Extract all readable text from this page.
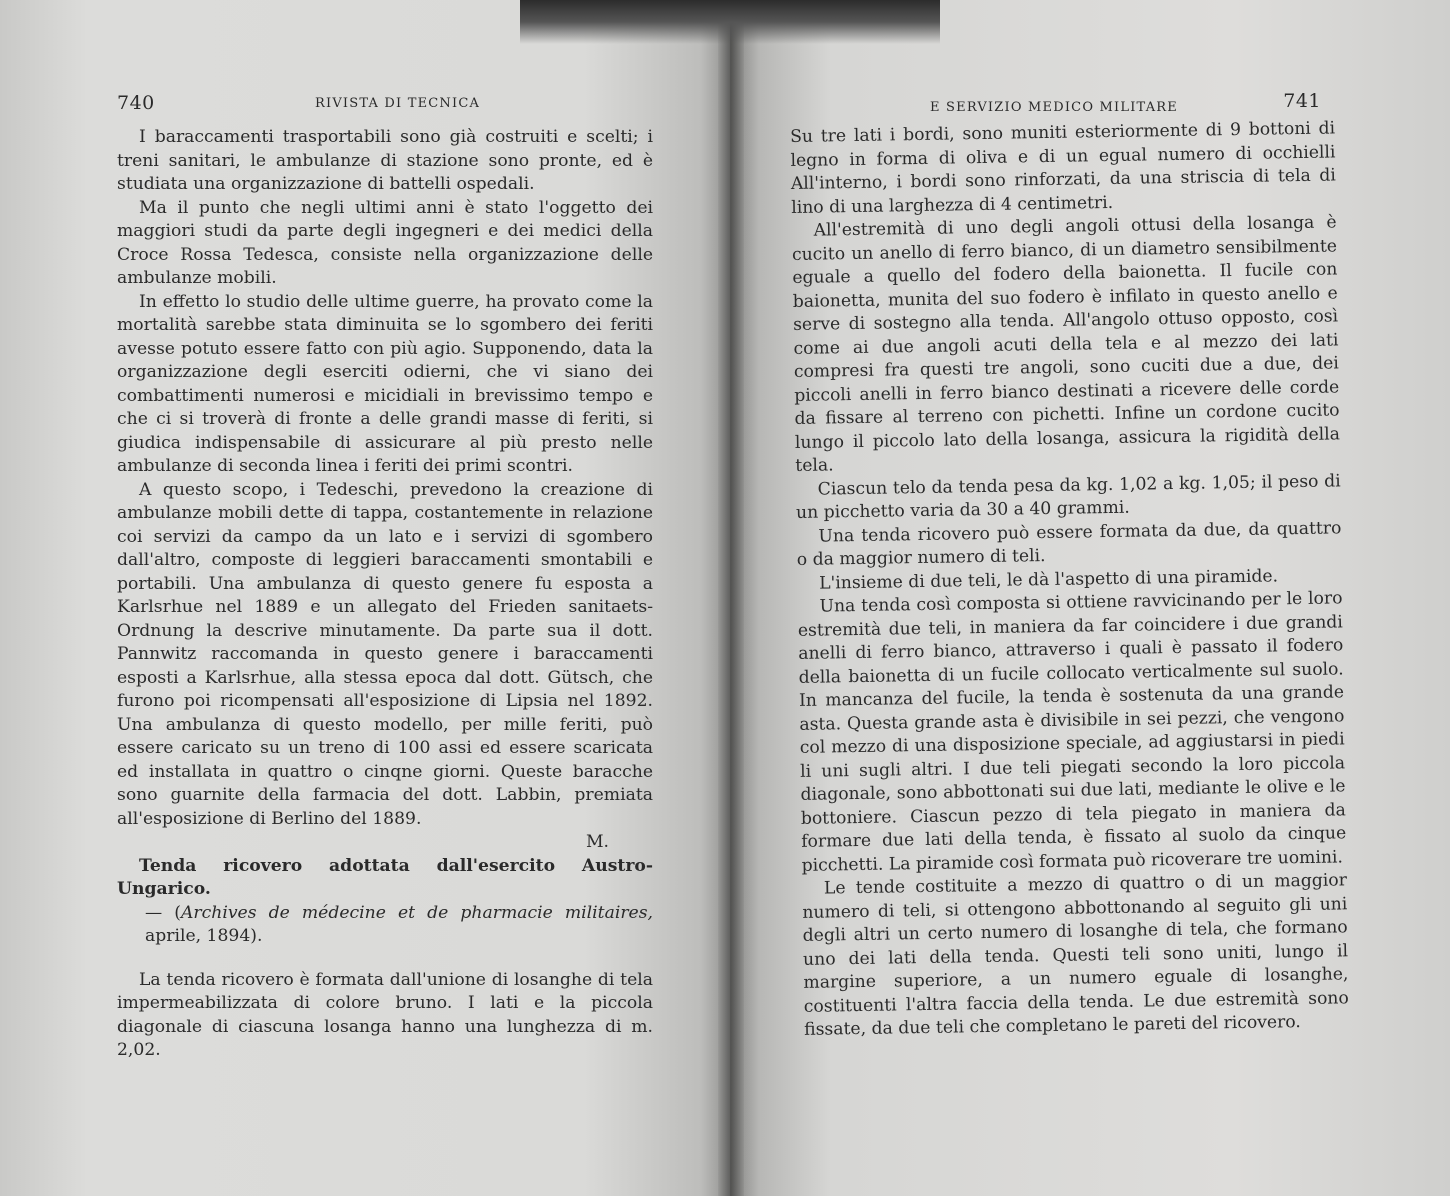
740	RIVISTA DI TECNICA	E SERVIZIO MEDICO MILITARE	741

I baraccamenti trasportabili sono già costruiti e scelti; i treni sanitari, le ambulanze di stazione sono pronte, ed è studiata una organizzazione di battelli ospedali.

Ma il punto che negli ultimi anni è stato l'oggetto dei maggiori studi da parte degli ingegneri e dei medici della Croce Rossa Tedesca, consiste nella organizzazione delle ambulanze mobili.

In effetto lo studio delle ultime guerre, ha provato come la mortalità sarebbe stata diminuita se lo sgombero dei feriti avesse potuto essere fatto con più agio. Supponendo, data la organizzazione degli eserciti odierni, che vi siano dei combattimenti numerosi e micidiali in brevissimo tempo e che ci si troverà di fronte a delle grandi masse di feriti, si giudica indispensabile di assicurare al più presto nelle ambulanze di seconda linea i feriti dei primi scontri.

A questo scopo, i Tedeschi, prevedono la creazione di ambulanze mobili dette di tappa, costantemente in relazione coi servizi da campo da un lato e i servizi di sgombero dall'altro, composte di leggieri baraccamenti smontabili e portabili. Una ambulanza di questo genere fu esposta a Karlsrhue nel 1889 e un allegato del Frieden sanitaets-Ordnung la descrive minutamente. Da parte sua il dott. Pannwitz raccomanda in questo genere i baraccamenti esposti a Karlsrhue, alla stessa epoca dal dott. Gütsch, che furono poi ricompensati all'esposizione di Lipsia nel 1892. Una ambulanza di questo modello, per mille feriti, può essere caricato su un treno di 100 assi ed essere scaricata ed installata in quattro o cinqne giorni. Queste baracche sono guarnite della farmacia del dott. Labbin, premiata all'esposizione di Berlino del 1889.

M.

Tenda ricovero adottata dall'esercito Austro-Ungarico.

— (Archives de médecine et de pharmacie militaires, aprile, 1894).

La tenda ricovero è formata dall'unione di losanghe di tela impermeabilizzata di colore bruno. I lati e la piccola diagonale di ciascuna losanga hanno una lunghezza di m. 2,02.

Su tre lati i bordi, sono muniti esteriormente di 9 bottoni di legno in forma di oliva e di un egual numero di occhielli All'interno, i bordi sono rinforzati, da una striscia di tela di lino di una larghezza di 4 centimetri.

All'estremità di uno degli angoli ottusi della losanga è cucito un anello di ferro bianco, di un diametro sensibilmente eguale a quello del fodero della baionetta. Il fucile con baionetta, munita del suo fodero è infilato in questo anello e serve di sostegno alla tenda. All'angolo ottuso opposto, così come ai due angoli acuti della tela e al mezzo dei lati compresi fra questi tre angoli, sono cuciti due a due, dei piccoli anelli in ferro bianco destinati a ricevere delle corde da fissare al terreno con pichetti. Infine un cordone cucito lungo il piccolo lato della losanga, assicura la rigidità della tela.

Ciascun telo da tenda pesa da kg. 1,02 a kg. 1,05; il peso di un picchetto varia da 30 a 40 grammi.

Una tenda ricovero può essere formata da due, da quattro o da maggior numero di teli.

L'insieme di due teli, le dà l'aspetto di una piramide.

Una tenda così composta si ottiene ravvicinando per le loro estremità due teli, in maniera da far coincidere i due grandi anelli di ferro bianco, attraverso i quali è passato il fodero della baionetta di un fucile collocato verticalmente sul suolo. In mancanza del fucile, la tenda è sostenuta da una grande asta. Questa grande asta è divisibile in sei pezzi, che vengono col mezzo di una disposizione speciale, ad aggiustarsi in piedi li uni sugli altri. I due teli piegati secondo la loro piccola diagonale, sono abbottonati sui due lati, mediante le olive e le bottoniere. Ciascun pezzo di tela piegato in maniera da formare due lati della tenda, è fissato al suolo da cinque picchetti. La piramide così formata può ricoverare tre uomini.

Le tende costituite a mezzo di quattro o di un maggior numero di teli, si ottengono abbottonando al seguito gli uni degli altri un certo numero di losanghe di tela, che formano uno dei lati della tenda. Questi teli sono uniti, lungo il margine superiore, a un numero eguale di losanghe, costituenti l'altra faccia della tenda. Le due estremità sono fissate, da due teli che completano le pareti del ricovero.
